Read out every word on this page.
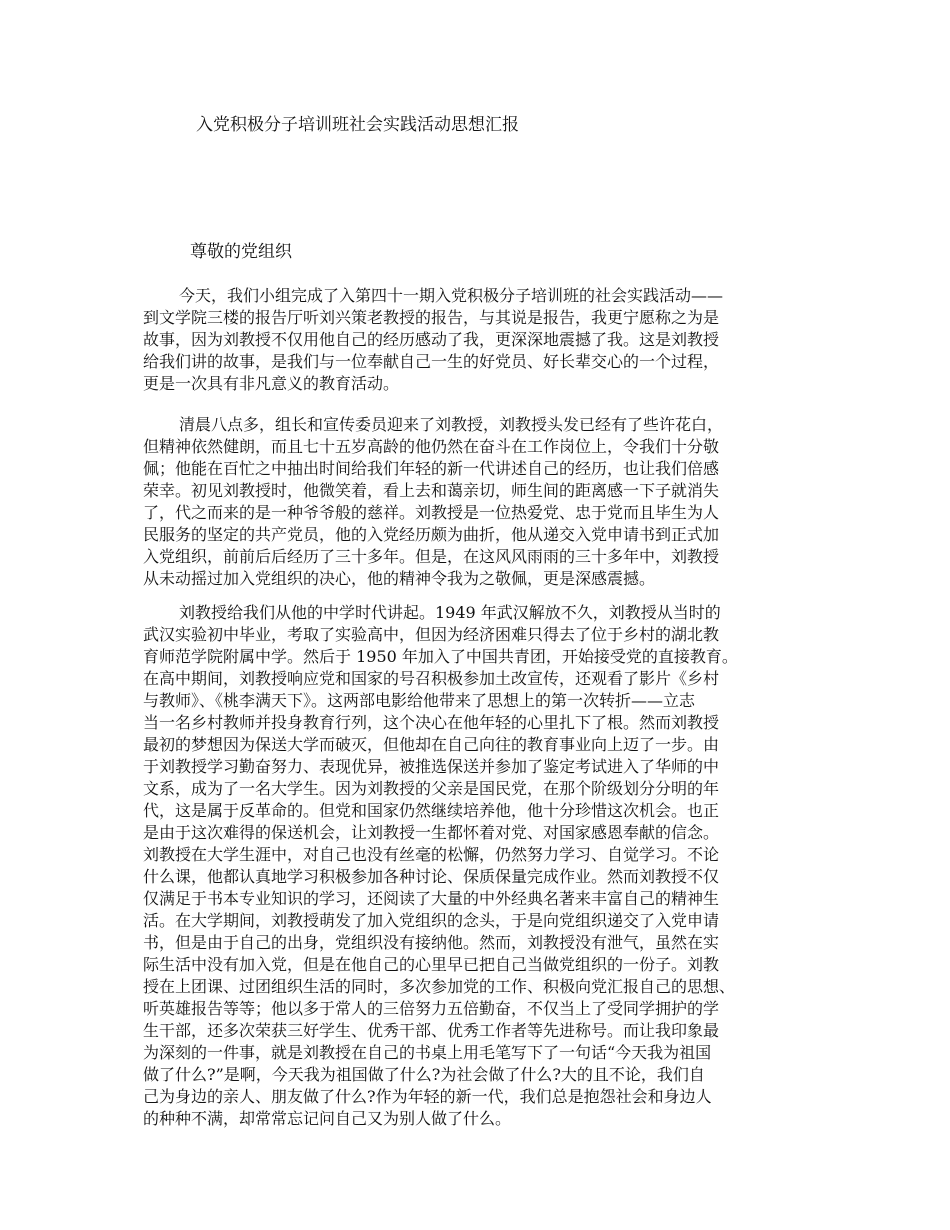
入党积极分子培训班社会实践活动思想汇报
尊敬的党组织
今天，我们小组完成了入第四十一期入党积极分子培训班的社会实践活动——
到文学院三楼的报告厅听刘兴策老教授的报告，与其说是报告，我更宁愿称之为是
故事，因为刘教授不仅用他自己的经历感动了我，更深深地震撼了我。这是刘教授
给我们讲的故事，是我们与一位奉献自己一生的好党员、好长辈交心的一个过程，
更是一次具有非凡意义的教育活动。
清晨八点多，组长和宣传委员迎来了刘教授，刘教授头发已经有了些许花白，
但精神依然健朗，而且七十五岁高龄的他仍然在奋斗在工作岗位上，令我们十分敬
佩；他能在百忙之中抽出时间给我们年轻的新一代讲述自己的经历，也让我们倍感
荣幸。初见刘教授时，他微笑着，看上去和蔼亲切，师生间的距离感一下子就消失
了，代之而来的是一种爷爷般的慈祥。刘教授是一位热爱党、忠于党而且毕生为人
民服务的坚定的共产党员，他的入党经历颇为曲折，他从递交入党申请书到正式加
入党组织，前前后后经历了三十多年。但是，在这风风雨雨的三十多年中，刘教授
从未动摇过加入党组织的决心，他的精神令我为之敬佩，更是深感震撼。
刘教授给我们从他的中学时代讲起。1949 年武汉解放不久，刘教授从当时的
武汉实验初中毕业，考取了实验高中，但因为经济困难只得去了位于乡村的湖北教
育师范学院附属中学。然后于 1950 年加入了中国共青团，开始接受党的直接教育。
在高中期间，刘教授响应党和国家的号召积极参加土改宣传，还观看了影片《乡村
与教师》、《桃李满天下》。这两部电影给他带来了思想上的第一次转折——立志
当一名乡村教师并投身教育行列，这个决心在他年轻的心里扎下了根。然而刘教授
最初的梦想因为保送大学而破灭，但他却在自己向往的教育事业向上迈了一步。由
于刘教授学习勤奋努力、表现优异，被推选保送并参加了鉴定考试进入了华师的中
文系，成为了一名大学生。因为刘教授的父亲是国民党，在那个阶级划分分明的年
代，这是属于反革命的。但党和国家仍然继续培养他，他十分珍惜这次机会。也正
是由于这次难得的保送机会，让刘教授一生都怀着对党、对国家感恩奉献的信念。
刘教授在大学生涯中，对自己也没有丝毫的松懈，仍然努力学习、自觉学习。不论
什么课，他都认真地学习积极参加各种讨论、保质保量完成作业。然而刘教授不仅
仅满足于书本专业知识的学习，还阅读了大量的中外经典名著来丰富自己的精神生
活。在大学期间，刘教授萌发了加入党组织的念头，于是向党组织递交了入党申请
书，但是由于自己的出身，党组织没有接纳他。然而，刘教授没有泄气，虽然在实
际生活中没有加入党，但是在他自己的心里早已把自己当做党组织的一份子。刘教
授在上团课、过团组织生活的同时，多次参加党的工作、积极向党汇报自己的思想、
听英雄报告等等；他以多于常人的三倍努力五倍勤奋，不仅当上了受同学拥护的学
生干部，还多次荣获三好学生、优秀干部、优秀工作者等先进称号。而让我印象最
为深刻的一件事，就是刘教授在自己的书桌上用毛笔写下了一句话“今天我为祖国
做了什么?”是啊，今天我为祖国做了什么?为社会做了什么?大的且不论，我们自
己为身边的亲人、朋友做了什么?作为年轻的新一代，我们总是抱怨社会和身边人
的种种不满，却常常忘记问自己又为别人做了什么。
